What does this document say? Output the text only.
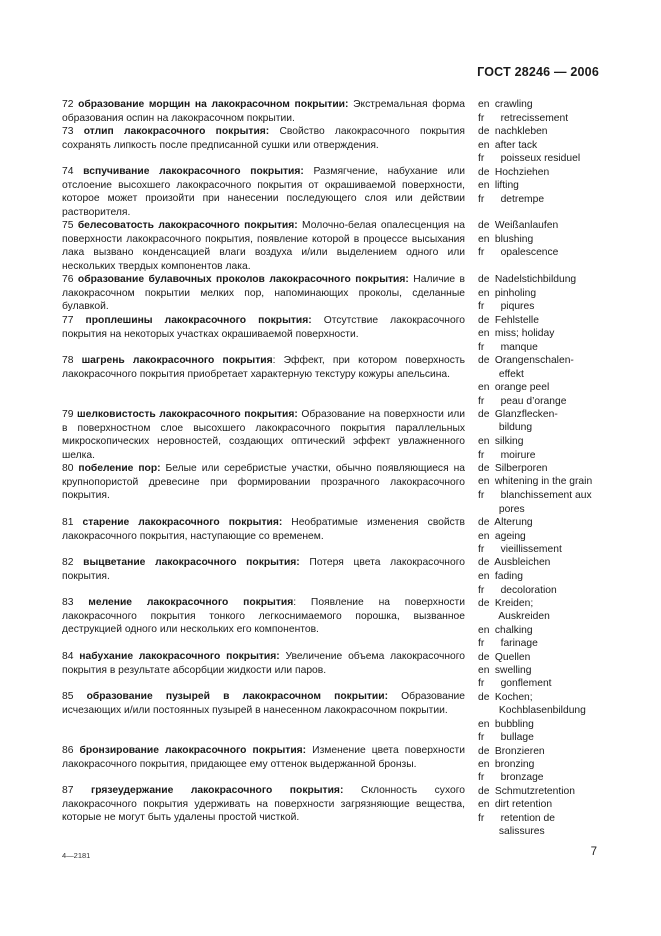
ГОСТ 28246 — 2006
72 образование морщин на лакокрасочном покрытии: Экстремальная форма образования оспин на лакокрасочном покрытии.
73 отлип лакокрасочного покрытия: Свойство лакокрасочного покрытия сохранять липкость после предписанной сушки или отверждения.
74 вспучивание лакокрасочного покрытия: Размягчение, набухание или отслоение высохшего лакокрасочного покрытия от окрашиваемой поверхности, которое может произойти при нанесении последующего слоя или действии растворителя.
75 белесоватость лакокрасочного покрытия: Молочно-белая опалесценция на поверхности лакокрасочного покрытия, появление которой в процессе высыхания лака вызвано конденсацией влаги воздуха и/или выделением одного или нескольких твердых компонентов лака.
76 образование булавочных проколов лакокрасочного покрытия: Наличие в лакокрасочном покрытии мелких пор, напоминающих проколы, сделанные булавкой.
77 проплешины лакокрасочного покрытия: Отсутствие лакокрасочного покрытия на некоторых участках окрашиваемой поверхности.
78 шагрень лакокрасочного покрытия: Эффект, при котором поверхность лакокрасочного покрытия приобретает характерную текстуру кожуры апельсина.
79 шелковистость лакокрасочного покрытия: Образование на поверхности или в поверхностном слое высохшего лакокрасочного покрытия параллельных микроскопических неровностей, создающих оптический эффект увлажненного шелка.
80 побеление пор: Белые или серебристые участки, обычно появляющиеся на крупнопористой древесине при формировании прозрачного лакокрасочного покрытия.
81 старение лакокрасочного покрытия: Необратимые изменения свойств лакокрасочного покрытия, наступающие со временем.
82 выцветание лакокрасочного покрытия: Потеря цвета лакокрасочного покрытия.
83 меление лакокрасочного покрытия: Появление на поверхности лакокрасочного покрытия тонкого легкоснимаемого порошка, вызванное деструкцией одного или нескольких его компонентов.
84 набухание лакокрасочного покрытия: Увеличение объема лакокрасочного покрытия в результате абсорбции жидкости или паров.
85 образование пузырей в лакокрасочном покрытии: Образование исчезающих и/или постоянных пузырей в нанесенном лакокрасочном покрытии.
86 бронзирование лакокрасочного покрытия: Изменение цвета поверхности лакокрасочного покрытия, придающее ему оттенок выдержанной бронзы.
87 грязеудержание лакокрасочного покрытия: Склонность сухого лакокрасочного покрытия удерживать на поверхности загрязняющие вещества, которые не могут быть удалены простой чисткой.
en crawling
fr   retrecissement
de nachkleben
en after tack
fr   poisseux residuel
de Hochziehen
en lifting
fr   detrempe
de Weißanlaufen
en blushing
fr   opalescence
de Nadelstichbildung
en pinholing
fr   piqures
de Fehlstelle
en miss; holiday
fr   manque
de Orangenschalen-
effekt
en orange peel
fr   peau d’orange
de Glanzflecken-
bildung
en silking
fr   moirure
de Silberporen
en whitening in the grain
fr   blanchissement aux
pores
de Alterung
en ageing
fr   vieillissement
de Ausbleichen
en fading
fr   decoloration
de Kreiden;
Auskreiden
en chalking
fr   farinage
de Quellen
en swelling
fr   gonflement
de Kochen;
Kochblasenbildung
en bubbling
fr   bullage
de Bronzieren
en bronzing
fr   bronzage
de Schmutzretention
en dirt retention
fr   retention de
salissures
4—2181	7
